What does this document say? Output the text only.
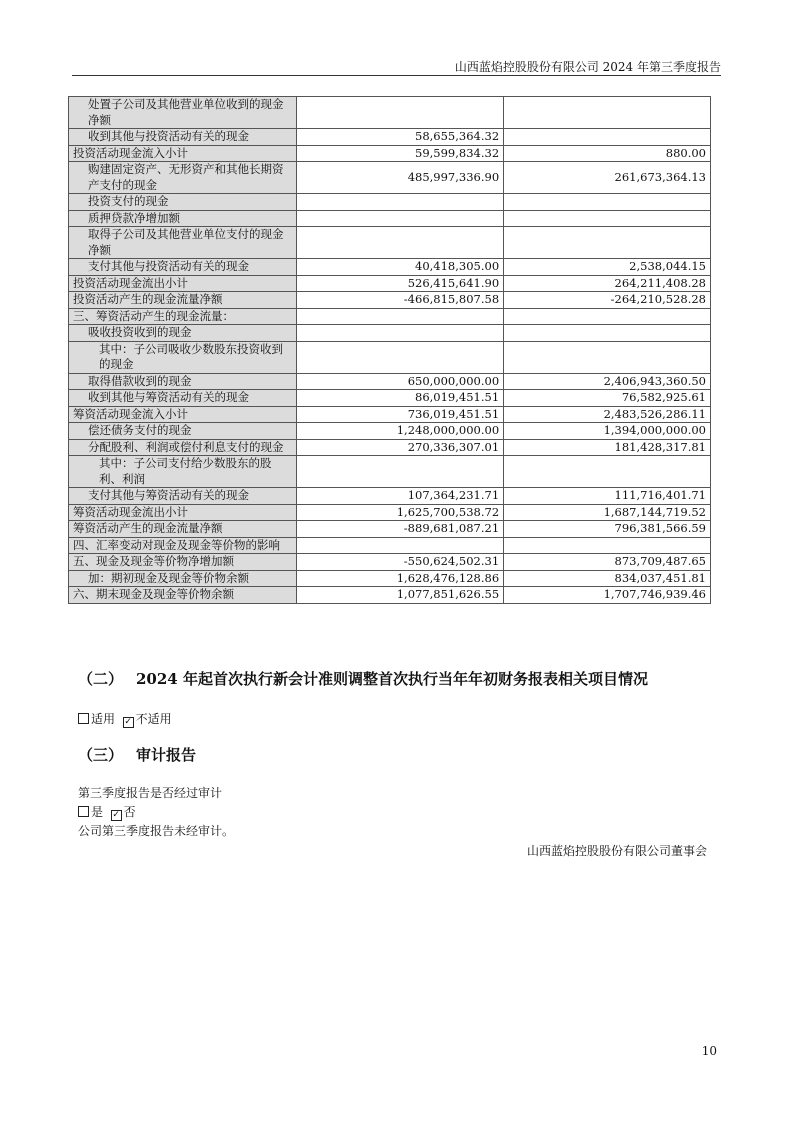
山西蓝焰控股股份有限公司 2024 年第三季度报告
处置子公司及其他营业单位收到的现金净额		
收到其他与投资活动有关的现金	58,655,364.32	
投资活动现金流入小计	59,599,834.32	880.00
购建固定资产、无形资产和其他长期资产支付的现金	485,997,336.90	261,673,364.13
投资支付的现金		
质押贷款净增加额		
取得子公司及其他营业单位支付的现金净额		
支付其他与投资活动有关的现金	40,418,305.00	2,538,044.15
投资活动现金流出小计	526,415,641.90	264,211,408.28
投资活动产生的现金流量净额	-466,815,807.58	-264,210,528.28
三、筹资活动产生的现金流量：		
吸收投资收到的现金		
其中：子公司吸收少数股东投资收到的现金		
取得借款收到的现金	650,000,000.00	2,406,943,360.50
收到其他与筹资活动有关的现金	86,019,451.51	76,582,925.61
筹资活动现金流入小计	736,019,451.51	2,483,526,286.11
偿还债务支付的现金	1,248,000,000.00	1,394,000,000.00
分配股利、利润或偿付利息支付的现金	270,336,307.01	181,428,317.81
其中：子公司支付给少数股东的股利、利润		
支付其他与筹资活动有关的现金	107,364,231.71	111,716,401.71
筹资活动现金流出小计	1,625,700,538.72	1,687,144,719.52
筹资活动产生的现金流量净额	-889,681,087.21	796,381,566.59
四、汇率变动对现金及现金等价物的影响		
五、现金及现金等价物净增加额	-550,624,502.31	873,709,487.65
加：期初现金及现金等价物余额	1,628,476,128.86	834,037,451.81
六、期末现金及现金等价物余额	1,077,851,626.55	1,707,746,939.46
（二） 2024 年起首次执行新会计准则调整首次执行当年年初财务报表相关项目情况
适用 ✓ 不适用
（三） 审计报告
第三季度报告是否经过审计
是 ✓ 否
公司第三季度报告未经审计。
山西蓝焰控股股份有限公司董事会
10
